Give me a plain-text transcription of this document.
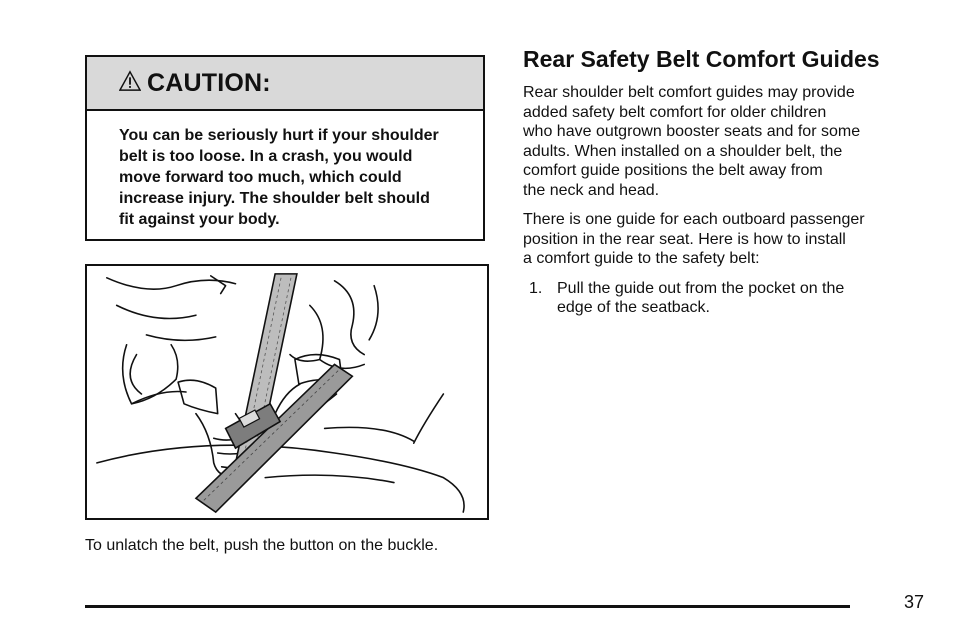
CAUTION:
You can be seriously hurt if your shoulder
belt is too loose. In a crash, you would
move forward too much, which could
increase injury. The shoulder belt should
fit against your body.
To unlatch the belt, push the button on the buckle.
Rear Safety Belt Comfort Guides

Rear shoulder belt comfort guides may provide
added safety belt comfort for older children
who have outgrown booster seats and for some
adults. When installed on a shoulder belt, the
comfort guide positions the belt away from
the neck and head.

There is one guide for each outboard passenger
position in the rear seat. Here is how to install
a comfort guide to the safety belt:

1. Pull the guide out from the pocket on the
edge of the seatback.
37
